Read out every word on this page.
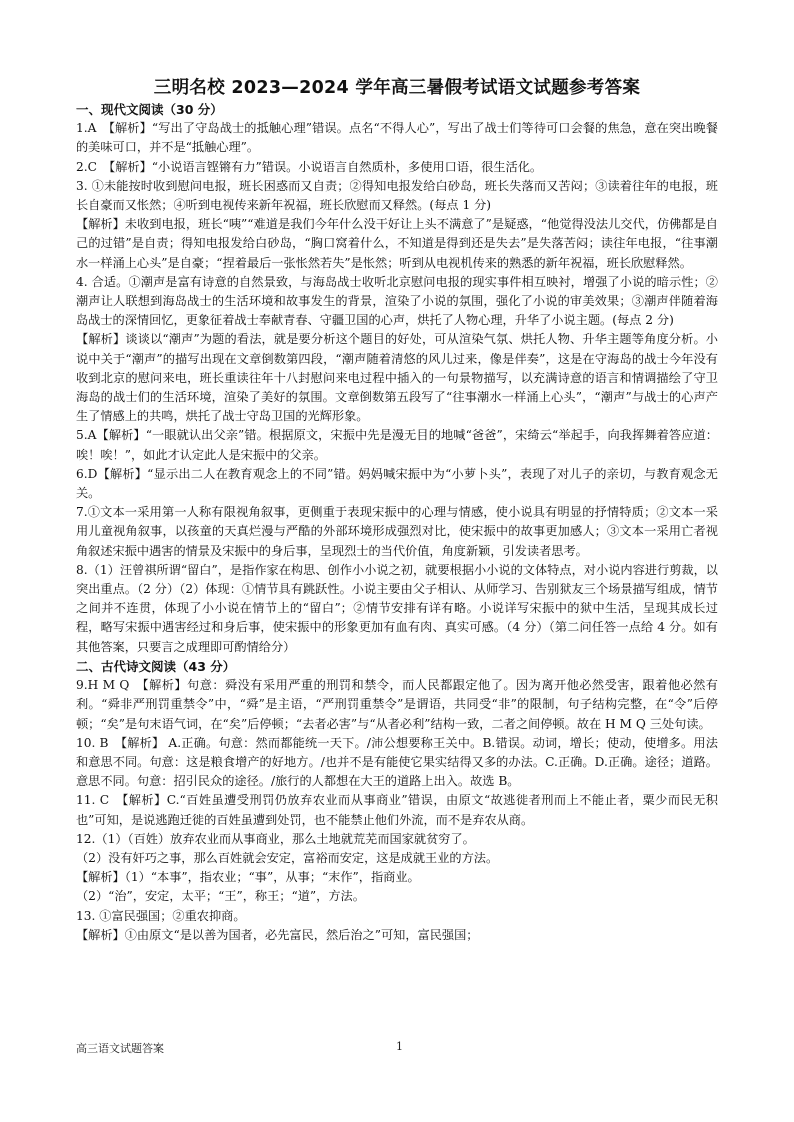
三明名校 2023—2024 学年高三暑假考试语文试题参考答案

一、现代文阅读（30 分）

1.A　【解析】“写出了守岛战士的抵触心理”错误。点名“不得人心”，写出了战士们等待可口会餐的焦急，意在突出晚餐的美味可口，并不是“抵触心理”。

2.C　【解析】“小说语言铿锵有力”错误。小说语言自然质朴，多使用口语，很生活化。

3. ①未能按时收到慰问电报，班长困惑而又自责；②得知电报发给白砂岛，班长失落而又苦闷；③读着往年的电报，班长自豪而又怅然；④听到电视传来新年祝福，班长欣慰而又释然。(每点 1 分)

【解析】未收到电报，班长“咦”“难道是我们今年什么没干好让上头不满意了”是疑惑，“他觉得没法儿交代，仿佛都是自己的过错”是自责；得知电报发给白砂岛，“胸口窝着什么，不知道是得到还是失去”是失落苦闷；读往年电报，“往事潮水一样涌上心头”是自豪；“捏着最后一张怅然若失”是怅然；听到从电视机传来的熟悉的新年祝福，班长欣慰释然。

4. 合适。①潮声是富有诗意的自然景致，与海岛战士收听北京慰问电报的现实事件相互映衬，增强了小说的暗示性；②潮声让人联想到海岛战士的生活环境和故事发生的背景，渲染了小说的氛围，强化了小说的审美效果；③潮声伴随着海岛战士的深情回忆，更象征着战士奉献青春、守疆卫国的心声，烘托了人物心理，升华了小说主题。(每点 2 分)

【解析】谈谈以“潮声”为题的看法，就是要分析这个题目的好处，可从渲染气氛、烘托人物、升华主题等角度分析。小说中关于“潮声”的描写出现在文章倒数第四段，“潮声随着清悠的风儿过来，像是伴奏”，这是在守海岛的战士今年没有收到北京的慰问来电，班长重读往年十八封慰问来电过程中插入的一句景物描写，以充满诗意的语言和情调描绘了守卫海岛的战士们的生活环境，渲染了美好的氛围。文章倒数第五段写了“往事潮水一样涌上心头”，“潮声”与战士的心声产生了情感上的共鸣，烘托了战士守岛卫国的光辉形象。

5.A【解析】“一眼就认出父亲”错。根据原文，宋振中先是漫无目的地喊“爸爸”，宋绮云“举起手，向我挥舞着答应道：唉！唉！”，如此才认定此人是宋振中的父亲。

6.D【解析】“显示出二人在教育观念上的不同”错。妈妈喊宋振中为“小萝卜头”，表现了对儿子的亲切，与教育观念无关。

7.①文本一采用第一人称有限视角叙事，更侧重于表现宋振中的心理与情感，使小说具有明显的抒情特质；②文本一采用儿童视角叙事，以孩童的天真烂漫与严酷的外部环境形成强烈对比，使宋振中的故事更加感人；③文本一采用亡者视角叙述宋振中遇害的情景及宋振中的身后事，呈现烈士的当代价值，角度新颖，引发读者思考。

8.（1）汪曾祺所谓“留白”，是指作家在构思、创作小小说之初，就要根据小小说的文体特点，对小说内容进行剪裁，以突出重点。（2 分）（2）体现：①情节具有跳跃性。小说主要由父子相认、从师学习、告别狱友三个场景描写组成，情节之间并不连贯，体现了小小说在情节上的“留白”；②情节安排有详有略。小说详写宋振中的狱中生活，呈现其成长过程，略写宋振中遇害经过和身后事，使宋振中的形象更加有血有肉、真实可感。（4 分）（第二问任答一点给 4 分。如有其他答案，只要言之成理即可酌情给分）

二、古代诗文阅读（43 分）

9.H M Q　【解析】句意：舜没有采用严重的刑罚和禁令，而人民都跟定他了。因为离开他必然受害，跟着他必然有利。“舜非严刑罚重禁令”中，“舜”是主语，“严刑罚重禁令”是谓语，共同受“非”的限制，句子结构完整，在“令”后停顿；“矣”是句末语气词，在“矣”后停顿；“去者必害”与“从者必利”结构一致，二者之间停顿。故在 H M Q 三处句读。

10. B　【解析】 A.正确。句意：然而都能统一天下。/沛公想要称王关中。B.错误。动词，增长；使动，使增多。用法和意思不同。句意：这是粮食增产的好地方。/也并不是有能使它果实结得又多的办法。C.正确。D.正确。途径；道路。意思不同。句意：招引民众的途径。/旅行的人都想在大王的道路上出入。故选 B。

11. C　【解析】C.“百姓虽遭受刑罚仍放弃农业而从事商业”错误，由原文“故逃徙者刑而上不能止者，粟少而民无积也”可知，是说逃跑迁徙的百姓虽遭到处罚，也不能禁止他们外流，而不是弃农从商。

12.（1）（百姓）放弃农业而从事商业，那么土地就荒芜而国家就贫穷了。

（2）没有奸巧之事，那么百姓就会安定，富裕而安定，这是成就王业的方法。

【解析】（1）“本事”，指农业；“事”，从事；“末作”，指商业。

（2）“治”，安定，太平；“王”，称王；“道”，方法。

13. ①富民强国；②重农抑商。

【解析】①由原文“是以善为国者，必先富民，然后治之”可知，富民强国；

高三语文试题答案	1
